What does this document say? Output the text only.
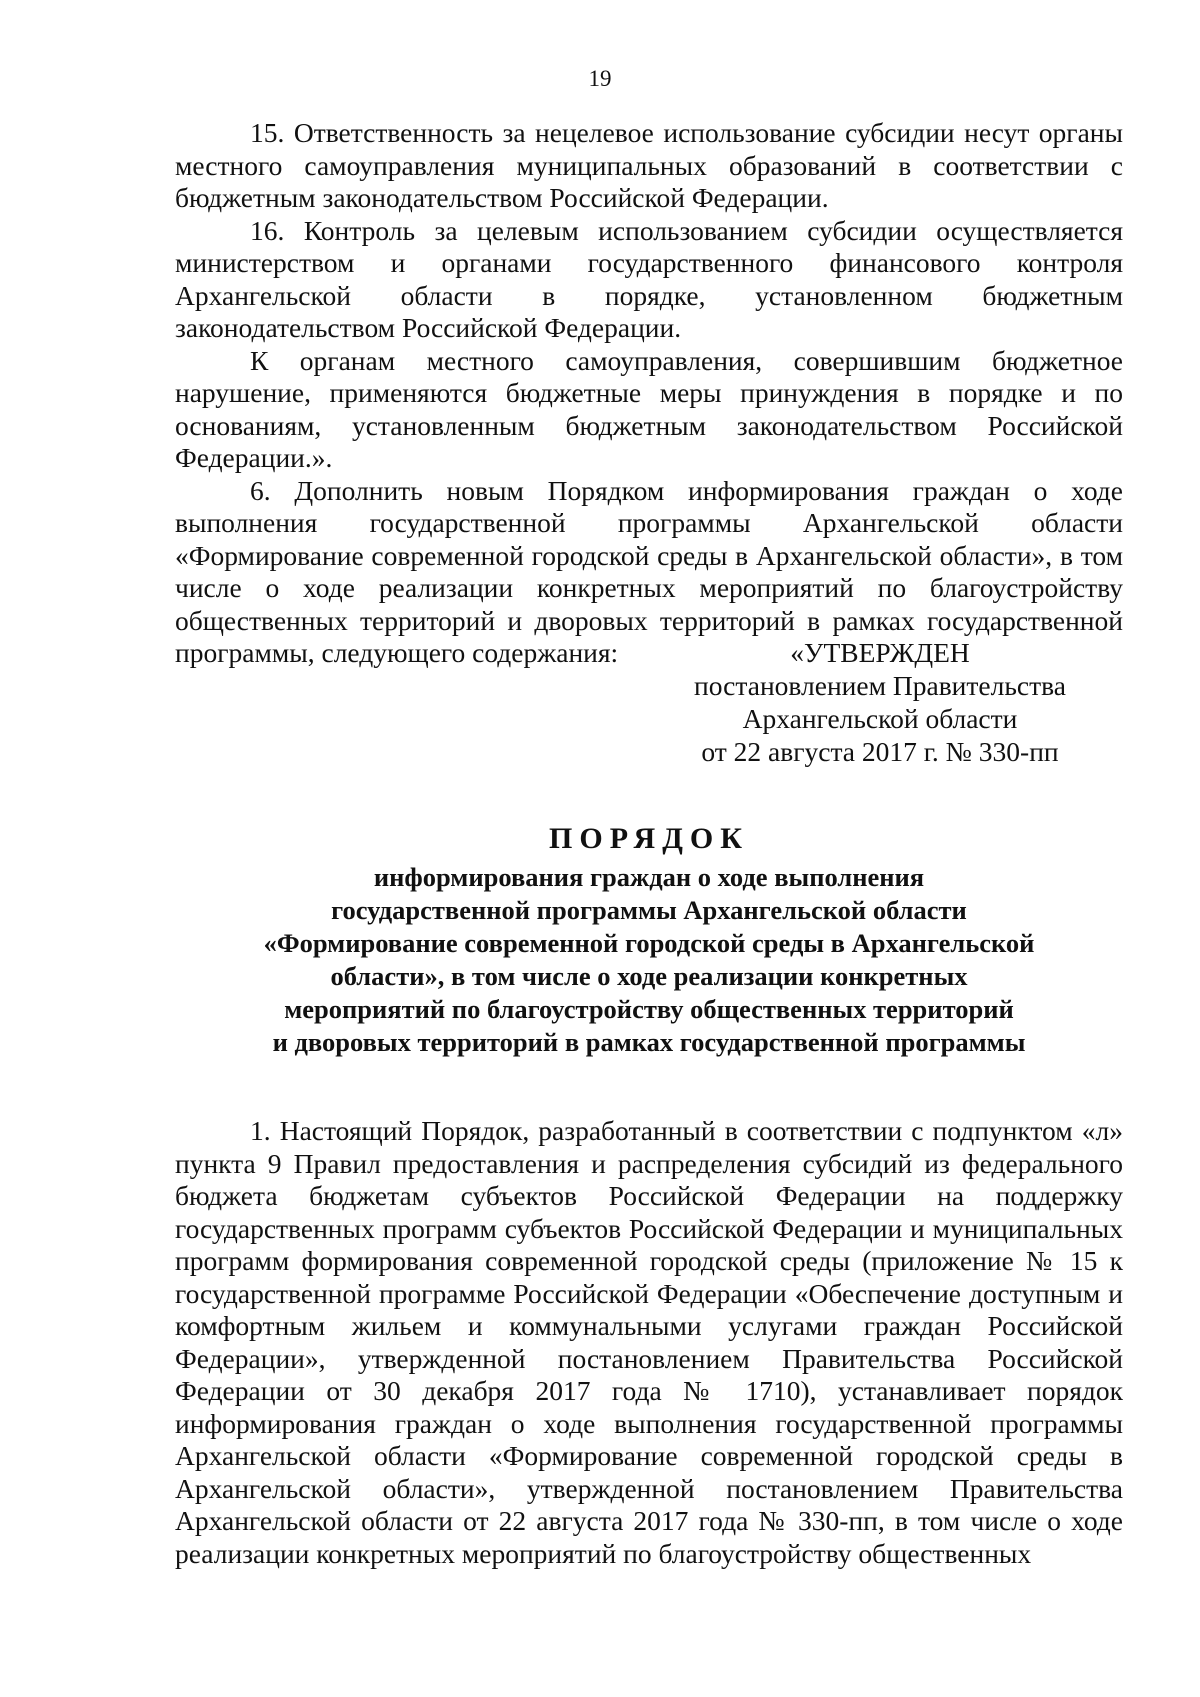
19

15. Ответственность за нецелевое использование субсидии несут органы местного самоуправления муниципальных образований в соответствии с бюджетным законодательством Российской Федерации.

16. Контроль за целевым использованием субсидии осуществляется министерством и органами государственного финансового контроля Архангельской области в порядке, установленном бюджетным законодательством Российской Федерации.

К органам местного самоуправления, совершившим бюджетное нарушение, применяются бюджетные меры принуждения в порядке и по основаниям, установленным бюджетным законодательством Российской Федерации.».

6. Дополнить новым Порядком информирования граждан о ходе выполнения государственной программы Архангельской области «Формирование современной городской среды в Архангельской области», в том числе о ходе реализации конкретных мероприятий по благоустройству общественных территорий и дворовых территорий в рамках государственной программы, следующего содержания:	«УТВЕРЖДЕН
постановлением Правительства
Архангельской области
от 22 августа 2017 г. № 330-пп
ПОРЯДОК
информирования граждан о ходе выполнения
государственной программы Архангельской области
«Формирование современной городской среды в Архангельской
области», в том числе о ходе реализации конкретных
мероприятий по благоустройству общественных территорий
и дворовых территорий в рамках государственной программы

1. Настоящий Порядок, разработанный в соответствии с подпунктом «л» пункта 9 Правил предоставления и распределения субсидий из федерального бюджета бюджетам субъектов Российской Федерации на поддержку государственных программ субъектов Российской Федерации и муниципальных программ формирования современной городской среды (приложение № 15 к государственной программе Российской Федерации «Обеспечение доступным и комфортным жильем и коммунальными услугами граждан Российской Федерации», утвержденной постановлением Правительства Российской Федерации от 30 декабря 2017 года № 1710), устанавливает порядок информирования граждан о ходе выполнения государственной программы Архангельской области «Формирование современной городской среды в Архангельской области», утвержденной постановлением Правительства Архангельской области от 22 августа 2017 года № 330-пп, в том числе о ходе реализации конкретных мероприятий по благоустройству общественных
